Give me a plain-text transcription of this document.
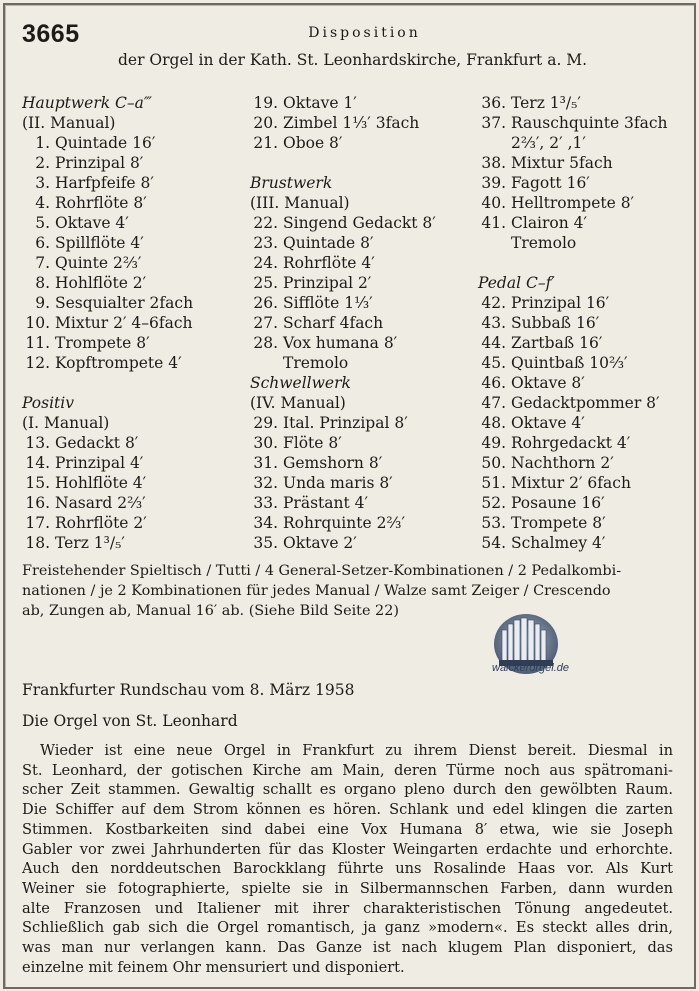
3665	Disposition
der Orgel in der Kath. St. Leonhardskirche, Frankfurt a. M.
Hauptwerk C–a‴
(II. Manual)
1. Quintade 16′
2. Prinzipal 8′
3. Harfpfeife 8′
4. Rohrflöte 8′
5. Oktave 4′
6. Spillflöte 4′
7. Quinte 2⅔′
8. Hohlflöte 2′
9. Sesquialter 2fach
10. Mixtur 2′ 4–6fach
11. Trompete 8′
12. Kopftrompete 4′
Positiv
(I. Manual)
13. Gedackt 8′
14. Prinzipal 4′
15. Hohlflöte 4′
16. Nasard 2⅔′
17. Rohrflöte 2′
18. Terz 1³/₅′
19. Oktave 1′
20. Zimbel 1⅓′ 3fach
21. Oboe 8′
Brustwerk
(III. Manual)
22. Singend Gedackt 8′
23. Quintade 8′
24. Rohrflöte 4′
25. Prinzipal 2′
26. Sifflöte 1⅓′
27. Scharf 4fach
28. Vox humana 8′
Tremolo
Schwellwerk
(IV. Manual)
29. Ital. Prinzipal 8′
30. Flöte 8′
31. Gemshorn 8′
32. Unda maris 8′
33. Prästant 4′
34. Rohrquinte 2⅔′
35. Oktave 2′
36. Terz 1³/₅′
37. Rauschquinte 3fach
2⅔′, 2′ ,1′
38. Mixtur 5fach
39. Fagott 16′
40. Helltrompete 8′
41. Clairon 4′
Tremolo
Pedal C–f′
42. Prinzipal 16′
43. Subbaß 16′
44. Zartbaß 16′
45. Quintbaß 10⅔′
46. Oktave 8′
47. Gedacktpommer 8′
48. Oktave 4′
49. Rohrgedackt 4′
50. Nachthorn 2′
51. Mixtur 2′ 6fach
52. Posaune 16′
53. Trompete 8′
54. Schalmey 4′
Freistehender Spieltisch / Tutti / 4 General-Setzer-Kombinationen / 2 Pedalkombi-
nationen / je 2 Kombinationen für jedes Manual / Walze samt Zeiger / Crescendo
ab, Zungen ab, Manual 16′ ab. (Siehe Bild Seite 22)
walckerorgel.de
Frankfurter Rundschau vom 8. März 1958
Die Orgel von St. Leonhard
Wieder ist eine neue Orgel in Frankfurt zu ihrem Dienst bereit. Diesmal in
St. Leonhard, der gotischen Kirche am Main, deren Türme noch aus spätromani-
scher Zeit stammen. Gewaltig schallt es organo pleno durch den gewölbten Raum.
Die Schiffer auf dem Strom können es hören. Schlank und edel klingen die zarten
Stimmen. Kostbarkeiten sind dabei eine Vox Humana 8′ etwa, wie sie Joseph
Gabler vor zwei Jahrhunderten für das Kloster Weingarten erdachte und erhorchte.
Auch den norddeutschen Barockklang führte uns Rosalinde Haas vor. Als Kurt
Weiner sie fotographierte, spielte sie in Silbermannschen Farben, dann wurden
alte Franzosen und Italiener mit ihrer charakteristischen Tönung angedeutet.
Schließlich gab sich die Orgel romantisch, ja ganz »modern«. Es steckt alles drin,
was man nur verlangen kann. Das Ganze ist nach klugem Plan disponiert, das
einzelne mit feinem Ohr mensuriert und disponiert.
